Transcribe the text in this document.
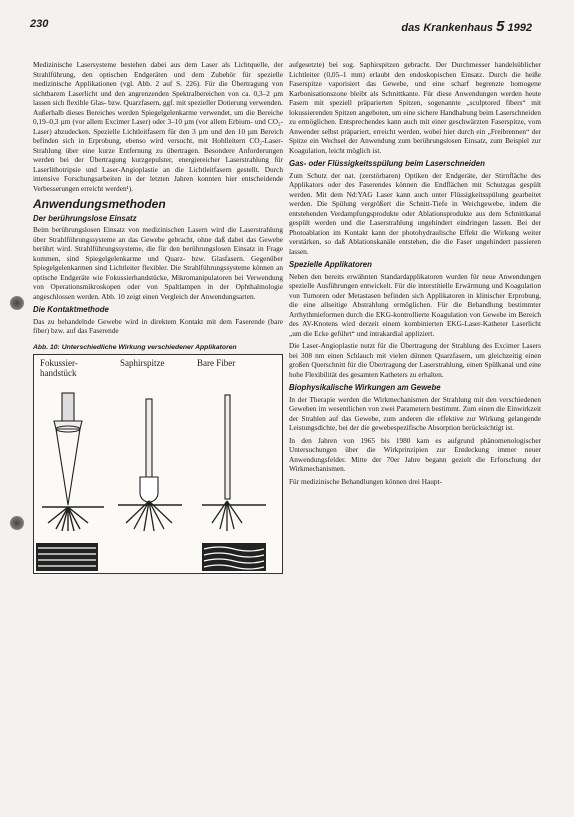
230	das Krankenhaus 5 1992

Medizinische Lasersysteme bestehen dabei aus dem Laser als Lichtquelle, der Strahlführung, den optischen Endgeräten und dem Zubehör für spezielle medizinische Applikationen (vgl. Abb. 2 auf S. 226). Für die Übertragung von sichtbarem Laserlicht und den angrenzenden Spektralbereichen von ca. 0,3–2 µm lassen sich flexible Glas- bzw. Quarzfasern, ggf. mit spezieller Dotierung verwenden. Außerhalb dieses Bereiches werden Spiegelgelenkarme verwendet, um die Bereiche 0,19–0,3 µm (vor allem Excimer Laser) oder 3–10 µm (vor allem Erbium- und CO₂-Laser) abzudecken. Spezielle Lichtleitfasern für den 3 µm und den 10 µm Bereich befinden sich in Erprobung, ebenso wird versucht, mit Hohlleitern CO₂-Laser-Strahlung über eine kurze Entfernung zu übertragen. Besondere Anforderungen werden bei der Übertragung kurzgepulster, energiereicher Laserstrahlung für Laserlithotripsie und Laser-Angioplastie an die Lichtleitfasern gestellt. Durch intensive Forschungsarbeiten in der letzten Jahren konnten hier entscheidende Verbesserungen erreicht werden¹).

Anwendungsmethoden
Der berührungslose Einsatz

Beim berührungslosen Einsatz von medizinischen Lasern wird die Laserstrahlung über Strahlführungssysteme an das Gewebe gebracht, ohne daß dabei das Gewebe berührt wird. Strahlführungssysteme, die für den berührungslosen Einsatz in Frage kommen, sind Spiegelgelenkarme und Quarz- bzw. Glasfasern. Gegenüber Spiegelgelenkarmen sind Lichtleiter flexibler. Die Strahlführungssysteme können an optische Endgeräte wie Fokussierhandstücke, Mikromanipulatoren bei Verwendung von Operationsmikroskopen oder von Spaltlampen in der Ophthalmologie angeschlossen werden. Abb. 10 zeigt einen Vergleich der Anwendungsarten.

Die Kontaktmethode

Das zu behandelnde Gewebe wird in direktem Kontakt mit dem Faserende (bare fiber) bzw. auf das Faserende

Abb. 10: Unterschiedliche Wirkung verschiedener Applikatoren
Fokussier-
handstück
Saphirspitze	Bare Fiber

aufgesetzte) bei sog. Saphirspitzen gebracht. Der Durchmesser handelsüblicher Lichtleiter (0,05–1 mm) erlaubt den endoskopischen Einsatz. Durch die heiße Faserspitze vaporisiert das Gewebe, und eine scharf begrenzte homogene Karbonisationszone bleibt als Schnittkante. Für diese Anwendungen werden heute Fasern mit speziell präparierten Spitzen, sogenannte „sculptored fibers“ mit lokussierenden Spitzen angeboten, um eine sichere Handhabung beim Laserschneiden zu ermöglichen. Entsprechendes kann auch mit einer geschwärzten Faserspitze, vom Anwender selbst präpariert, erreicht werden, wobei hier durch ein „Freibrennen“ der Spitze ein Wechsel der Anwendung zum berührungslosen Einsatz, zum Beispiel zur Koagulation, leicht möglich ist.

Gas- oder Flüssigkeitsspülung beim Laserschneiden

Zum Schutz der nat. (zerstörbaren) Optiken der Endgeräte, der Stirnfläche des Applikators oder des Faserendes können die Endflächen mit Schutzgas gespült werden. Mit dem Nd:YAG Laser kann auch unter Flüssigkeitsspülung gearbeitet werden. Die Spülung vergrößert die Schnitt-Tiefe in Weichgewebe, indem die entstehenden Verdampfungsprodukte oder Ablationsprodukte aus dem Schnittkanal gespült werden und die Laserstrahlung ungehindert eindringen lassen. Bei der Photoablation im Kontakt kann der photohydraulische Effekt die Wirkung weiter verstärken, so daß Ablationskanäle entstehen, die die Faser ungehindert passieren lassen.

Spezielle Applikatoren

Neben den bereits erwähnten Standardapplikatoren wurden für neue Anwendungen spezielle Ausführungen entwickelt. Für die interstitielle Erwärmung und Koagulation von Tumoren oder Metastasen befinden sich Applikatoren in klinischer Erprobung, die eine allseitige Abstrahlung ermöglichen. Für die Behandlung bestimmter Arrhythmieformen durch die EKG-kontrollierte Koagulation von Gewebe im Bereich des AV-Knotens wird derzeit einem kombinierten EKG-Laser-Katheter Laserlicht „um die Ecke geführt“ und intrakardial appliziert.

Die Laser-Angioplastie nutzt für die Übertragung der Strahlung des Excimer Lasers bei 308 nm einen Schlauch mit vielen dünnen Quarzfasern, um gleichzeitig einen großen Querschnitt für die Übertragung der Laserstrahlung, einen Spülkanal und eine hohe Flexibilität des gesamten Katheters zu erhalten.

Biophysikalische Wirkungen am Gewebe

In der Therapie werden die Wirkmechanismen der Strahlung mit den verschiedenen Geweben im wesentlichen von zwei Parametern bestimmt. Zum einen die Einwirkzeit der Strahlen auf das Gewebe, zum anderen die effektive zur Wirkung gelangende Leistungsdichte, bei der die gewebespezifische Absorption berücksichtigt ist.

In den Jahren von 1965 bis 1980 kam es aufgrund phänomenologischer Untersuchungen über die Wirkprinzipien zur Entdeckung immer neuer Anwendungsfelder. Mitte der 70er Jahre begann gezielt die Erforschung der Wirkmechanismen.

Für medizinische Behandlungen können drei Haupt-
